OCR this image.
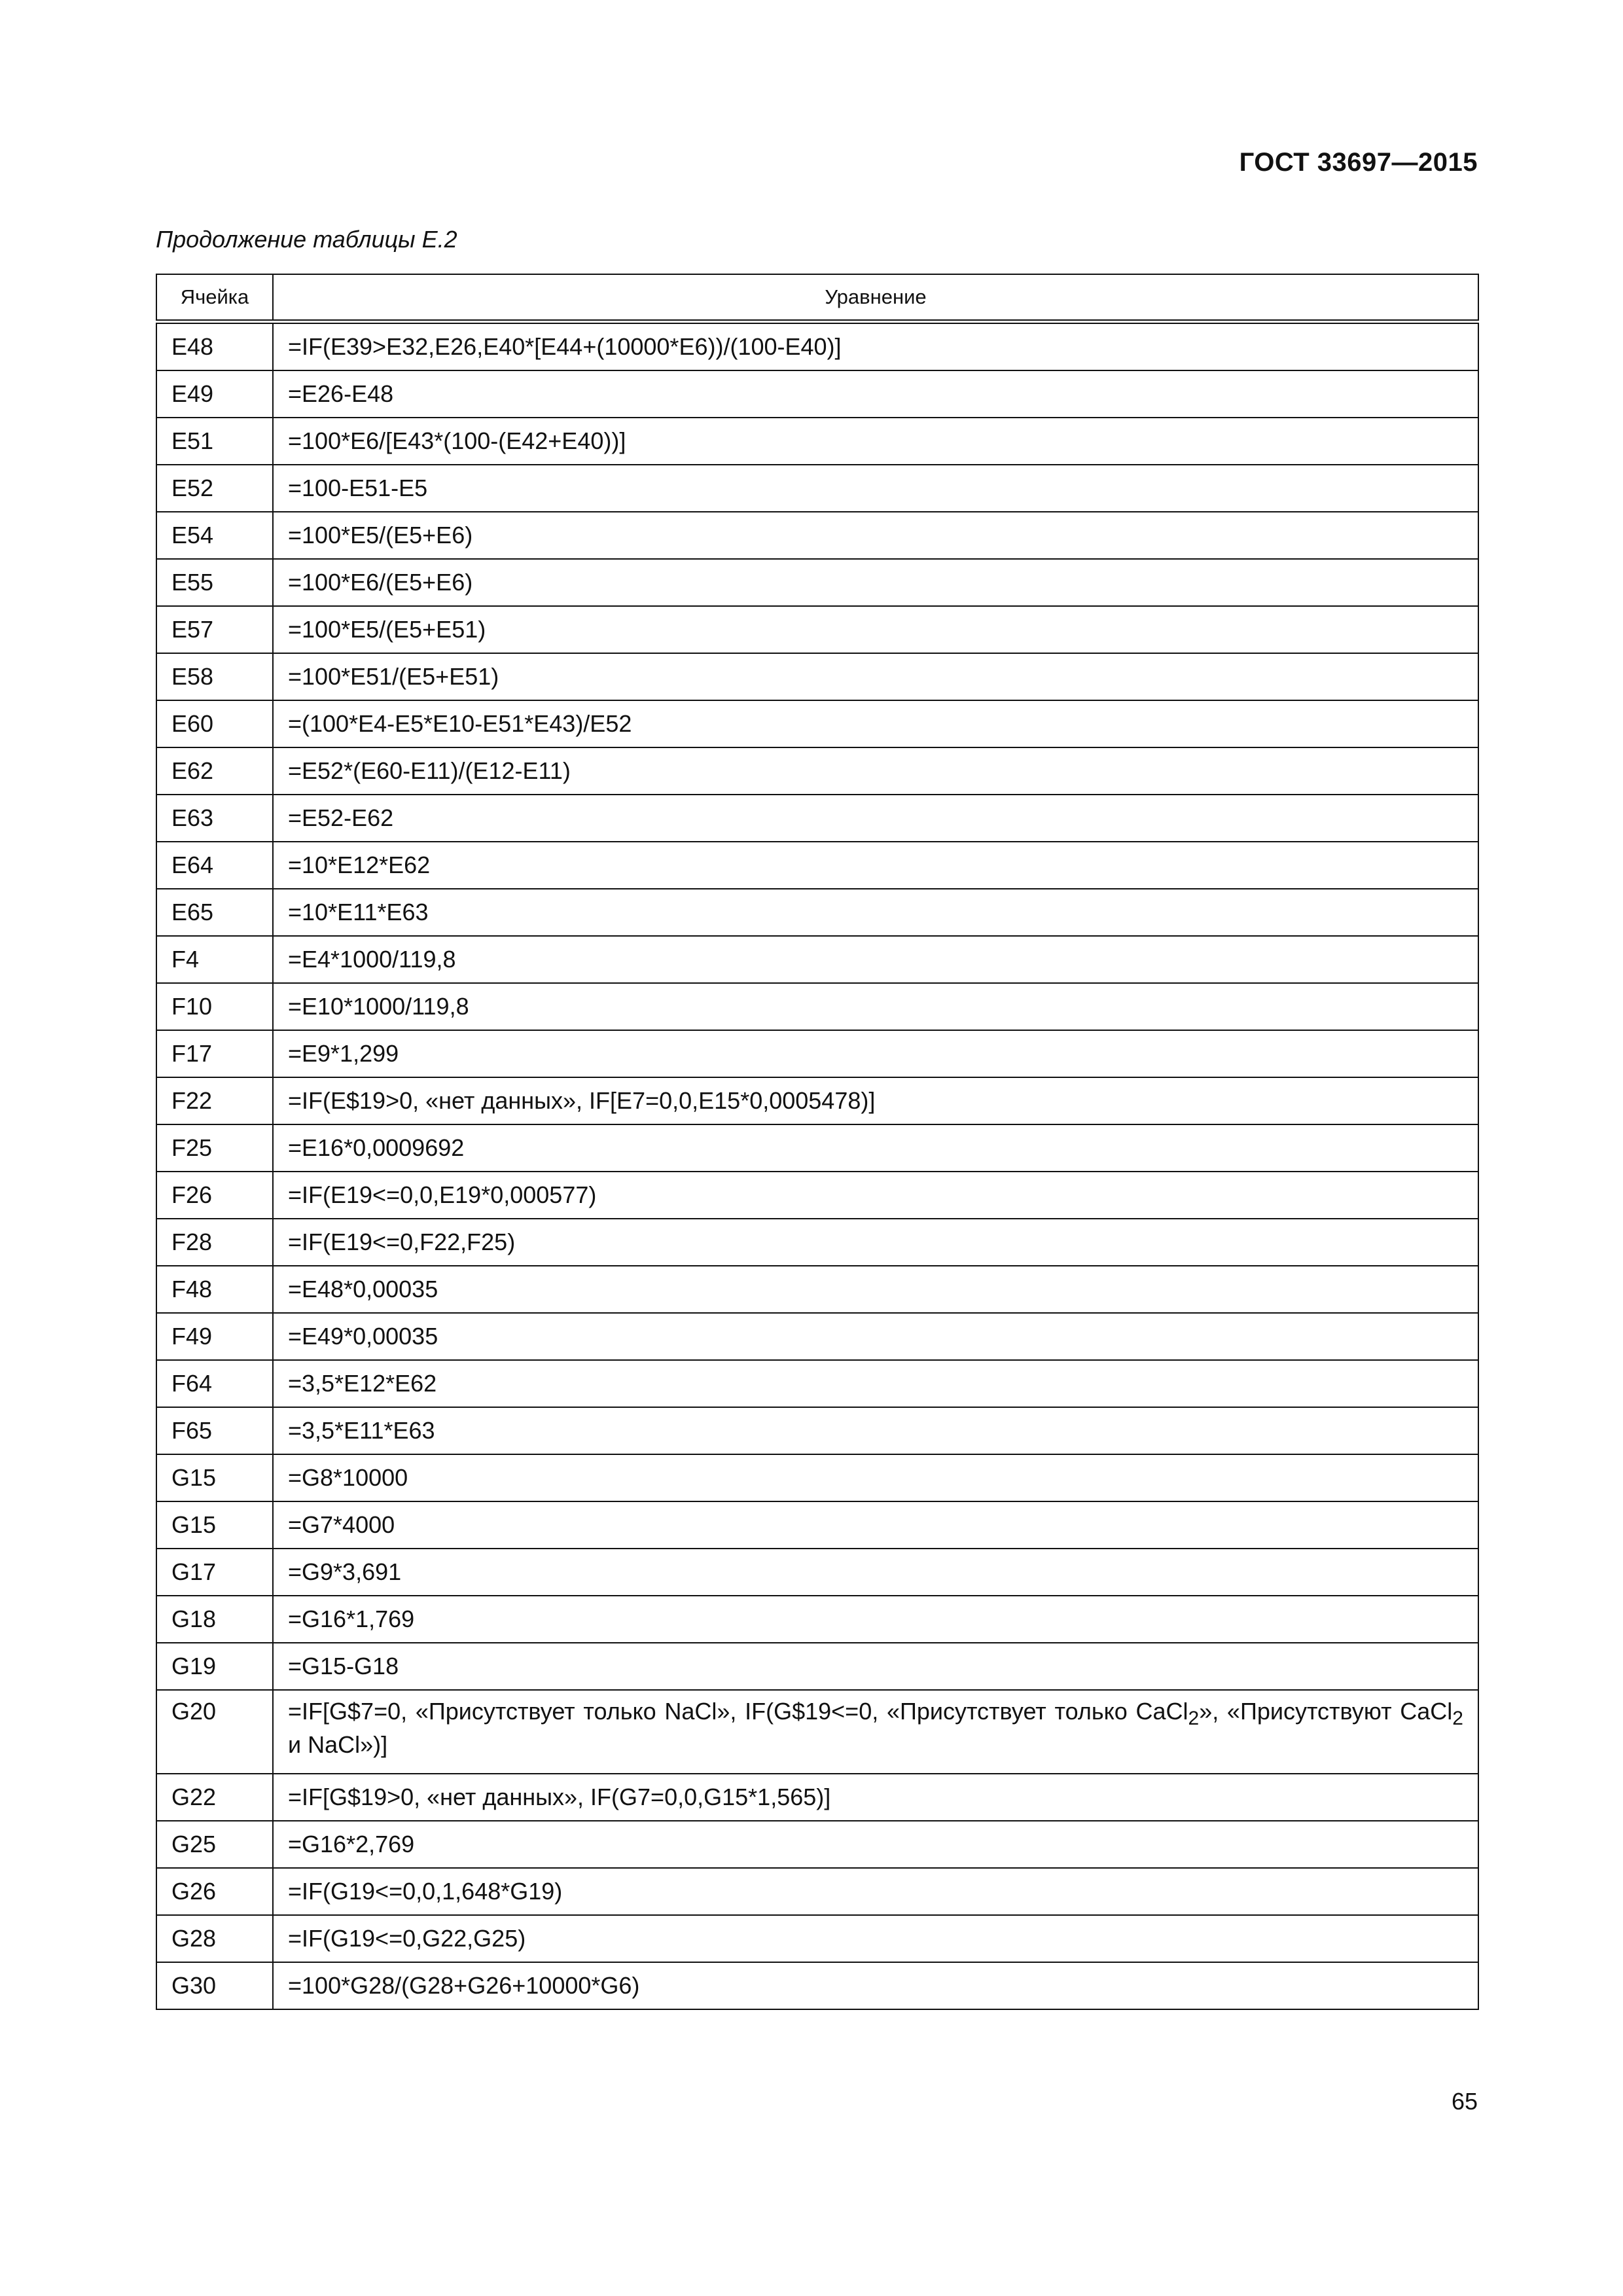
ГОСТ 33697—2015
Продолжение таблицы Е.2
Ячейка	Уравнение
E48	=IF(E39>E32,E26,E40*[E44+(10000*E6))/(100-E40)]
E49	=E26-E48
E51	=100*E6/[E43*(100-(E42+E40))]
E52	=100-E51-E5
E54	=100*E5/(E5+E6)
E55	=100*E6/(E5+E6)
E57	=100*E5/(E5+E51)
E58	=100*E51/(E5+E51)
E60	=(100*E4-E5*E10-E51*E43)/E52
E62	=E52*(E60-E11)/(E12-E11)
E63	=E52-E62
E64	=10*E12*E62
E65	=10*E11*E63
F4	=E4*1000/119,8
F10	=E10*1000/119,8
F17	=E9*1,299
F22	=IF(E$19>0, «нет данных», IF[E7=0,0,E15*0,0005478)]
F25	=E16*0,0009692
F26	=IF(E19<=0,0,E19*0,000577)
F28	=IF(E19<=0,F22,F25)
F48	=E48*0,00035
F49	=E49*0,00035
F64	=3,5*E12*E62
F65	=3,5*E11*E63
G15	=G8*10000
G15	=G7*4000
G17	=G9*3,691
G18	=G16*1,769
G19	=G15-G18
G20	=IF[G$7=0, «Присутствует только NaCl», IF(G$19<=0, «Присутствует только CaCl$_2$», «Присутствуют CaCl$_2$ и NaCl»)]
G22	=IF[G$19>0, «нет данных», IF(G7=0,0,G15*1,565)]
G25	=G16*2,769
G26	=IF(G19<=0,0,1,648*G19)
G28	=IF(G19<=0,G22,G25)
G30	=100*G28/(G28+G26+10000*G6)
65
